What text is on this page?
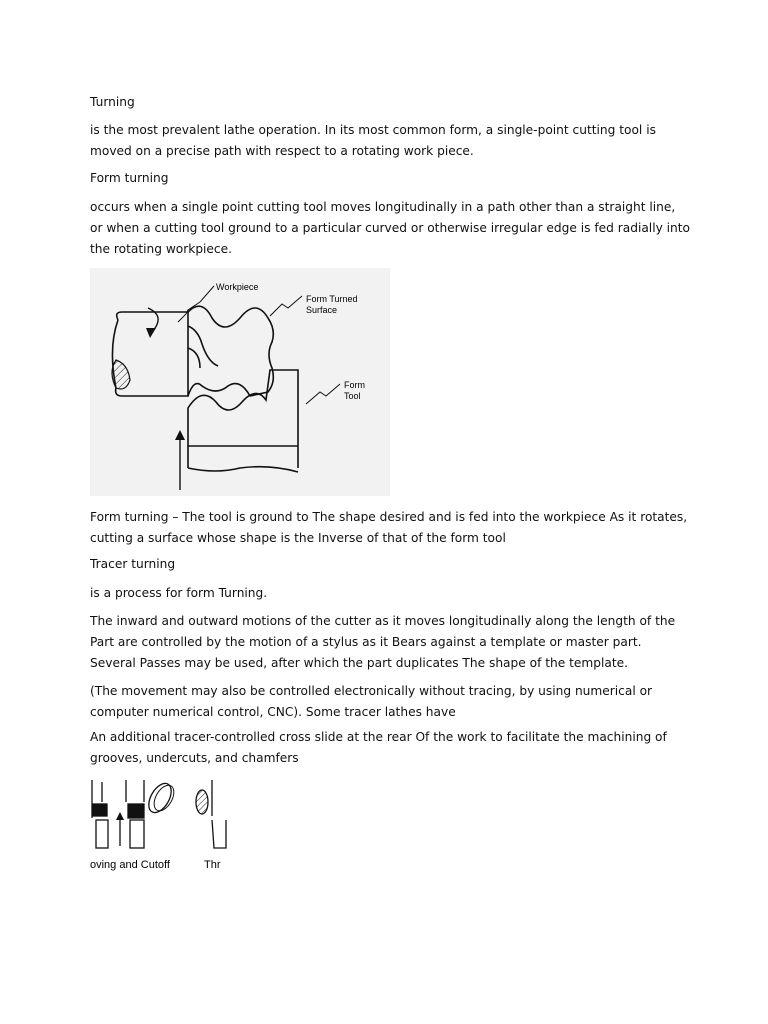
Turning

is the most prevalent lathe operation. In its most common form, a single-point cutting tool is moved on a precise path with respect to a rotating work piece.

Form turning

occurs when a single point cutting tool moves longitudinally in a path other than a straight line, or when a cutting tool ground to a particular curved or otherwise irregular edge is fed radially into the rotating workpiece.

Workpiece
Form Turned
Surface
Form
Tool

Form turning – The tool is ground to The shape desired and is fed into the workpiece As it rotates, cutting a surface whose shape is the Inverse of that of the form tool

Tracer turning

is a process for form Turning.

The inward and outward motions of the cutter as it moves longitudinally along the length of the Part are controlled by the motion of a stylus as it Bears against a template or master part. Several Passes may be used, after which the part duplicates The shape of the template.

(The movement may also be controlled electronically without tracing, by using numerical or computer numerical control, CNC). Some tracer lathes have

An additional tracer-controlled cross slide at the rear Of the work to facilitate the machining of grooves, undercuts, and chamfers

oving and Cutoff	Thr
